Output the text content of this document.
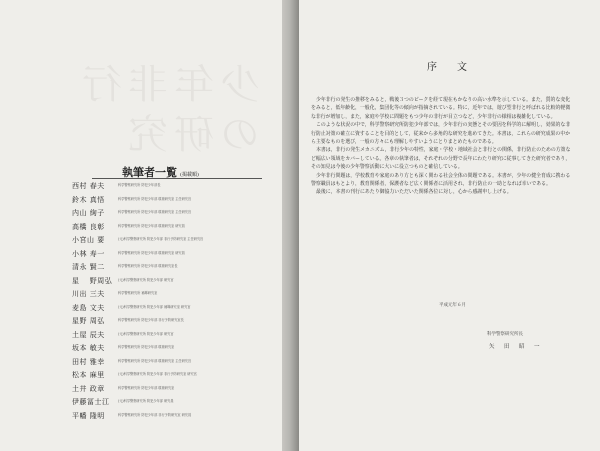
少年非行
の研究
執筆者一覧 (掲載順)
西村 春夫	科学警察研究所 防犯少年部長
鈴木 真悟	科学警察研究所 防犯少年部 環境研究室 主任研究官
内山 絢子	科学警察研究所 防犯少年部 環境研究室 主任研究官
高橋 良彰	科学警察研究所 防犯少年部 環境研究室 研究員
小宮山 要	(元)科学警察研究所 防犯少年部 非行予防研究室 主任研究官
小林 寿一	科学警察研究所 防犯少年部 環境研究室 研究員
清永 賢二	科学警察研究所 防犯少年部 環境研究室長
星 　野周弘	(元)科学警察研究所 防犯少年部 研究官
川出 三夫	科学警察研究所 補導研究室
麦島 文夫	(元)科学警察研究所 防犯少年部 補導研究室 研究官
星野 周弘	科学警察研究所 防犯少年部 非行予防研究室長
土屋 辰夫	(元)科学警察研究所 防犯少年部 研究官
坂本 敏夫	科学警察研究所 防犯少年部 環境研究室
田村 雅幸	科学警察研究所 防犯少年部 環境研究室 主任研究官
松本 麻里	(元)科学警察研究所 防犯少年部 非行予防研究室 研究官
土井 政章	科学警察研究所 防犯少年部 環境研究室
伊藤冨士江	(元)科学警察研究所 防犯少年部 研究員
平幡 隆明	科学警察研究所 防犯少年部 非行予防研究室 研究員
序　文

少年非行の発生の推移をみると，戦後３つのピークを経て現在もかなりの高い水準を示している。また，質的な変化をみると，低年齢化，一般化，集団化等の傾向が指摘されている。特に，近年では，遊び型非行と呼ばれる比較的軽微な非行が増加し，また，家庭や学校に問題をもつ少年の非行が目立つなど，少年非行の様相は複雑化している。

このような状況の中で，科学警察研究所防犯少年部では，少年非行の実態とその要因を科学的に解明し，効果的な非行防止対策の確立に資することを目的として，従来から多角的な研究を進めてきた。本書は，これらの研究成果の中から主要なものを選び，一般の方々にも理解しやすいようにとりまとめたものである。

本書は，非行の発生メカニズム，非行少年の特性，家庭・学校・地域社会と非行との関係，非行防止のための方策など幅広い領域をカバーしている。各章の執筆者は，それぞれの分野で長年にわたり研究に従事してきた研究者であり，その知見は今後の少年警察活動に大いに役立つものと確信している。

少年非行問題は，学校教育や家庭のあり方とも深く関わる社会全体の問題である。本書が，少年の健全育成に携わる警察職員はもとより，教育関係者，保護者など広く関係者に活用され，非行防止の一助となれば幸いである。

最後に，本書の刊行にあたり御協力いただいた関係各位に対し，心から感謝申し上げる。

平成元年６月
科学警察研究所長
矢　田　昭　一
